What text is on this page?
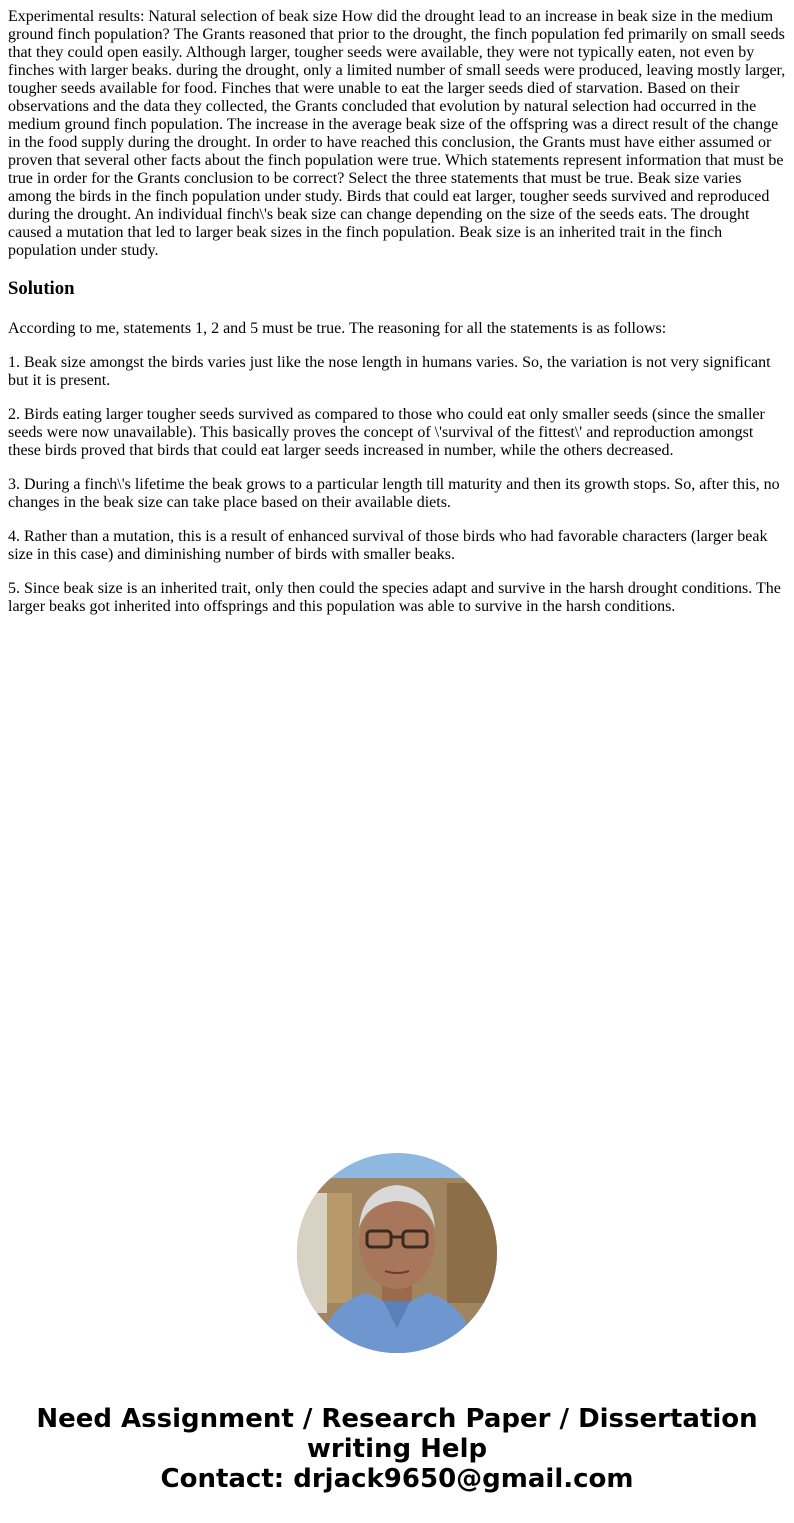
Experimental results: Natural selection of beak size How did the drought lead to an increase in beak size in the medium ground finch population? The Grants reasoned that prior to the drought, the finch population fed primarily on small seeds that they could open easily. Although larger, tougher seeds were available, they were not typically eaten, not even by finches with larger beaks. during the drought, only a limited number of small seeds were produced, leaving mostly larger, tougher seeds available for food. Finches that were unable to eat the larger seeds died of starvation. Based on their observations and the data they collected, the Grants concluded that evolution by natural selection had occurred in the medium ground finch population. The increase in the average beak size of the offspring was a direct result of the change in the food supply during the drought. In order to have reached this conclusion, the Grants must have either assumed or proven that several other facts about the finch population were true. Which statements represent information that must be true in order for the Grants conclusion to be correct? Select the three statements that must be true. Beak size varies among the birds in the finch population under study. Birds that could eat larger, tougher seeds survived and reproduced during the drought. An individual finch\'s beak size can change depending on the size of the seeds eats. The drought caused a mutation that led to larger beak sizes in the finch population. Beak size is an inherited trait in the finch population under study.

Solution

According to me, statements 1, 2 and 5 must be true. The reasoning for all the statements is as follows:

1. Beak size amongst the birds varies just like the nose length in humans varies. So, the variation is not very significant but it is present.

2. Birds eating larger tougher seeds survived as compared to those who could eat only smaller seeds (since the smaller seeds were now unavailable). This basically proves the concept of \'survival of the fittest\' and reproduction amongst these birds proved that birds that could eat larger seeds increased in number, while the others decreased.

3. During a finch\'s lifetime the beak grows to a particular length till maturity and then its growth stops. So, after this, no changes in the beak size can take place based on their available diets.

4. Rather than a mutation, this is a result of enhanced survival of those birds who had favorable characters (larger beak size in this case) and diminishing number of birds with smaller beaks.

5. Since beak size is an inherited trait, only then could the species adapt and survive in the harsh drought conditions. The larger beaks got inherited into offsprings and this population was able to survive in the harsh conditions.

Need Assignment / Research Paper / Dissertation
writing Help
Contact: drjack9650@gmail.com
